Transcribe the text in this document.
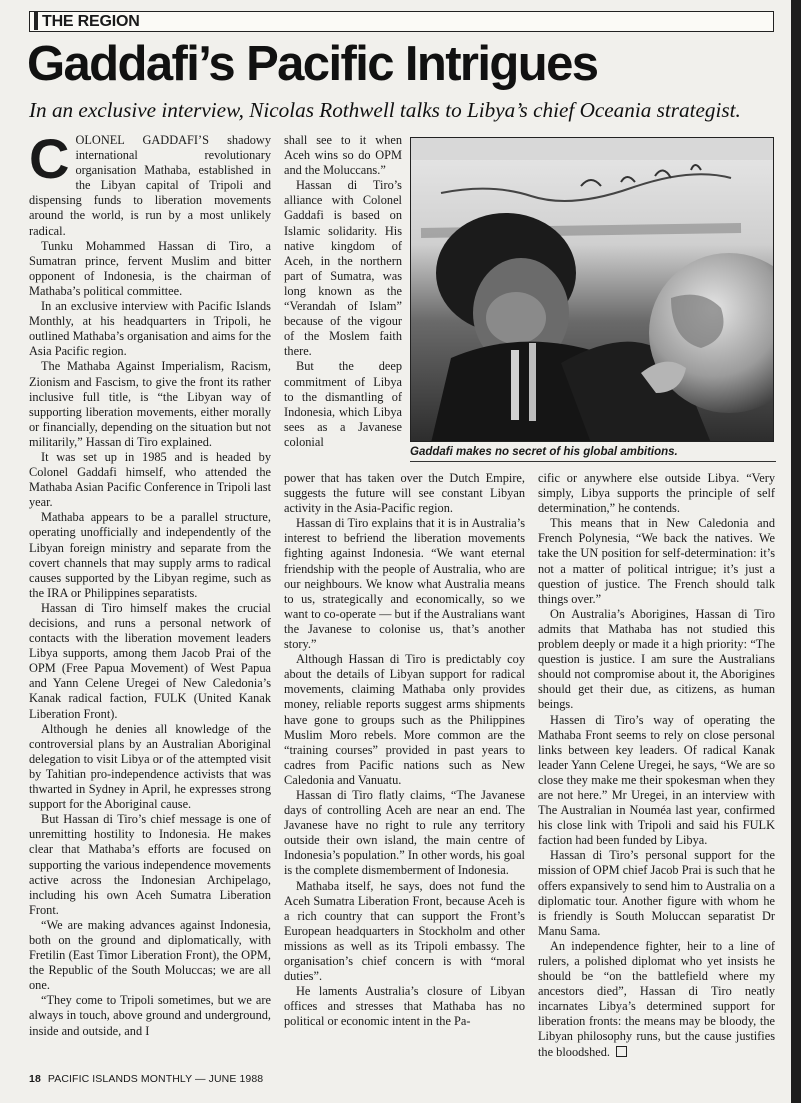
THE REGION
Gaddafi’s Pacific Intrigues

In an exclusive interview, Nicolas Rothwell talks to Libya’s chief Oceania strategist.

COLONEL GADDAFI’S shadowy international revolutionary organisation Mathaba, established in the Libyan capital of Tripoli and dispensing funds to liberation movements around the world, is run by a most unlikely radical.

Tunku Mohammed Hassan di Tiro, a Sumatran prince, fervent Muslim and bitter opponent of Indonesia, is the chairman of Mathaba’s political committee.

In an exclusive interview with Pacific Islands Monthly, at his headquarters in Tripoli, he outlined Mathaba’s organisation and aims for the Asia Pacific region.

The Mathaba Against Imperialism, Racism, Zionism and Fascism, to give the front its rather inclusive full title, is “the Libyan way of supporting liberation movements, either morally or financially, depending on the situation but not militarily,” Hassan di Tiro explained.

It was set up in 1985 and is headed by Colonel Gaddafi himself, who attended the Mathaba Asian Pacific Conference in Tripoli last year.

Mathaba appears to be a parallel structure, operating unofficially and independently of the Libyan foreign ministry and separate from the covert channels that may supply arms to radical causes supported by the Libyan regime, such as the IRA or Philippines separatists.

Hassan di Tiro himself makes the crucial decisions, and runs a personal network of contacts with the liberation movement leaders Libya supports, among them Jacob Prai of the OPM (Free Papua Movement) of West Papua and Yann Celene Uregei of New Caledonia’s Kanak radical faction, FULK (United Kanak Liberation Front).

Although he denies all knowledge of the controversial plans by an Australian Aboriginal delegation to visit Libya or of the attempted visit by Tahitian pro-independence activists that was thwarted in Sydney in April, he expresses strong support for the Aboriginal cause.

But Hassan di Tiro’s chief message is one of unremitting hostility to Indonesia. He makes clear that Mathaba’s efforts are focused on supporting the various independence movements active across the Indonesian Archipelago, including his own Aceh Sumatra Liberation Front.

“We are making advances against Indonesia, both on the ground and diplomatically, with Fretilin (East Timor Liberation Front), the OPM, the Republic of the South Moluccas; we are all one.

“They come to Tripoli sometimes, but we are always in touch, above ground and underground, inside and outside, and I

shall see to it when Aceh wins so do OPM and the Moluccans.”

Hassan di Tiro’s alliance with Colonel Gaddafi is based on Islamic solidarity. His native kingdom of Aceh, in the northern part of Sumatra, was long known as the “Verandah of Islam” because of the vigour of the Moslem faith there.

But the deep commitment of Libya to the dismantling of Indonesia, which Libya sees as a Javanese colonial

Gaddafi makes no secret of his global ambitions.

power that has taken over the Dutch Empire, suggests the future will see constant Libyan activity in the Asia-Pacific region.

Hassan di Tiro explains that it is in Australia’s interest to befriend the liberation movements fighting against Indonesia. “We want eternal friendship with the people of Australia, who are our neighbours. We know what Australia means to us, strategically and economically, so we want to co-operate — but if the Australians want the Javanese to colonise us, that’s another story.”

Although Hassan di Tiro is predictably coy about the details of Libyan support for radical movements, claiming Mathaba only provides money, reliable reports suggest arms shipments have gone to groups such as the Philippines Muslim Moro rebels. More common are the “training courses” provided in past years to cadres from Pacific nations such as New Caledonia and Vanuatu.

Hassan di Tiro flatly claims, “The Javanese days of controlling Aceh are near an end. The Javanese have no right to rule any territory outside their own island, the main centre of Indonesia’s population.” In other words, his goal is the complete dismemberment of Indonesia.

Mathaba itself, he says, does not fund the Aceh Sumatra Liberation Front, because Aceh is a rich country that can support the Front’s European headquarters in Stockholm and other missions as well as its Tripoli embassy. The organisation’s chief concern is with “moral duties”.

He laments Australia’s closure of Libyan offices and stresses that Mathaba has no political or economic intent in the Pa-

cific or anywhere else outside Libya. “Very simply, Libya supports the principle of self determination,” he contends.

This means that in New Caledonia and French Polynesia, “We back the natives. We take the UN position for self-determination: it’s not a matter of political intrigue; it’s just a question of justice. The French should talk things over.”

On Australia’s Aborigines, Hassan di Tiro admits that Mathaba has not studied this problem deeply or made it a high priority: “The question is justice. I am sure the Australians should not compromise about it, the Aborigines should get their due, as citizens, as human beings.

Hassen di Tiro’s way of operating the Mathaba Front seems to rely on close personal links between key leaders. Of radical Kanak leader Yann Celene Uregei, he says, “We are so close they make me their spokesman when they are not here.” Mr Uregei, in an interview with The Australian in Nouméa last year, confirmed his close link with Tripoli and said his FULK faction had been funded by Libya.

Hassan di Tiro’s personal support for the mission of OPM chief Jacob Prai is such that he offers expansively to send him to Australia on a diplomatic tour. Another figure with whom he is friendly is South Moluccan separatist Dr Manu Sama.

An independence fighter, heir to a line of rulers, a polished diplomat who yet insists he should be “on the battlefield where my ancestors died”, Hassan di Tiro neatly incarnates Libya’s determined support for liberation fronts: the means may be bloody, the Libyan philosophy runs, but the cause justifies the bloodshed.

18 PACIFIC ISLANDS MONTHLY — JUNE 1988
